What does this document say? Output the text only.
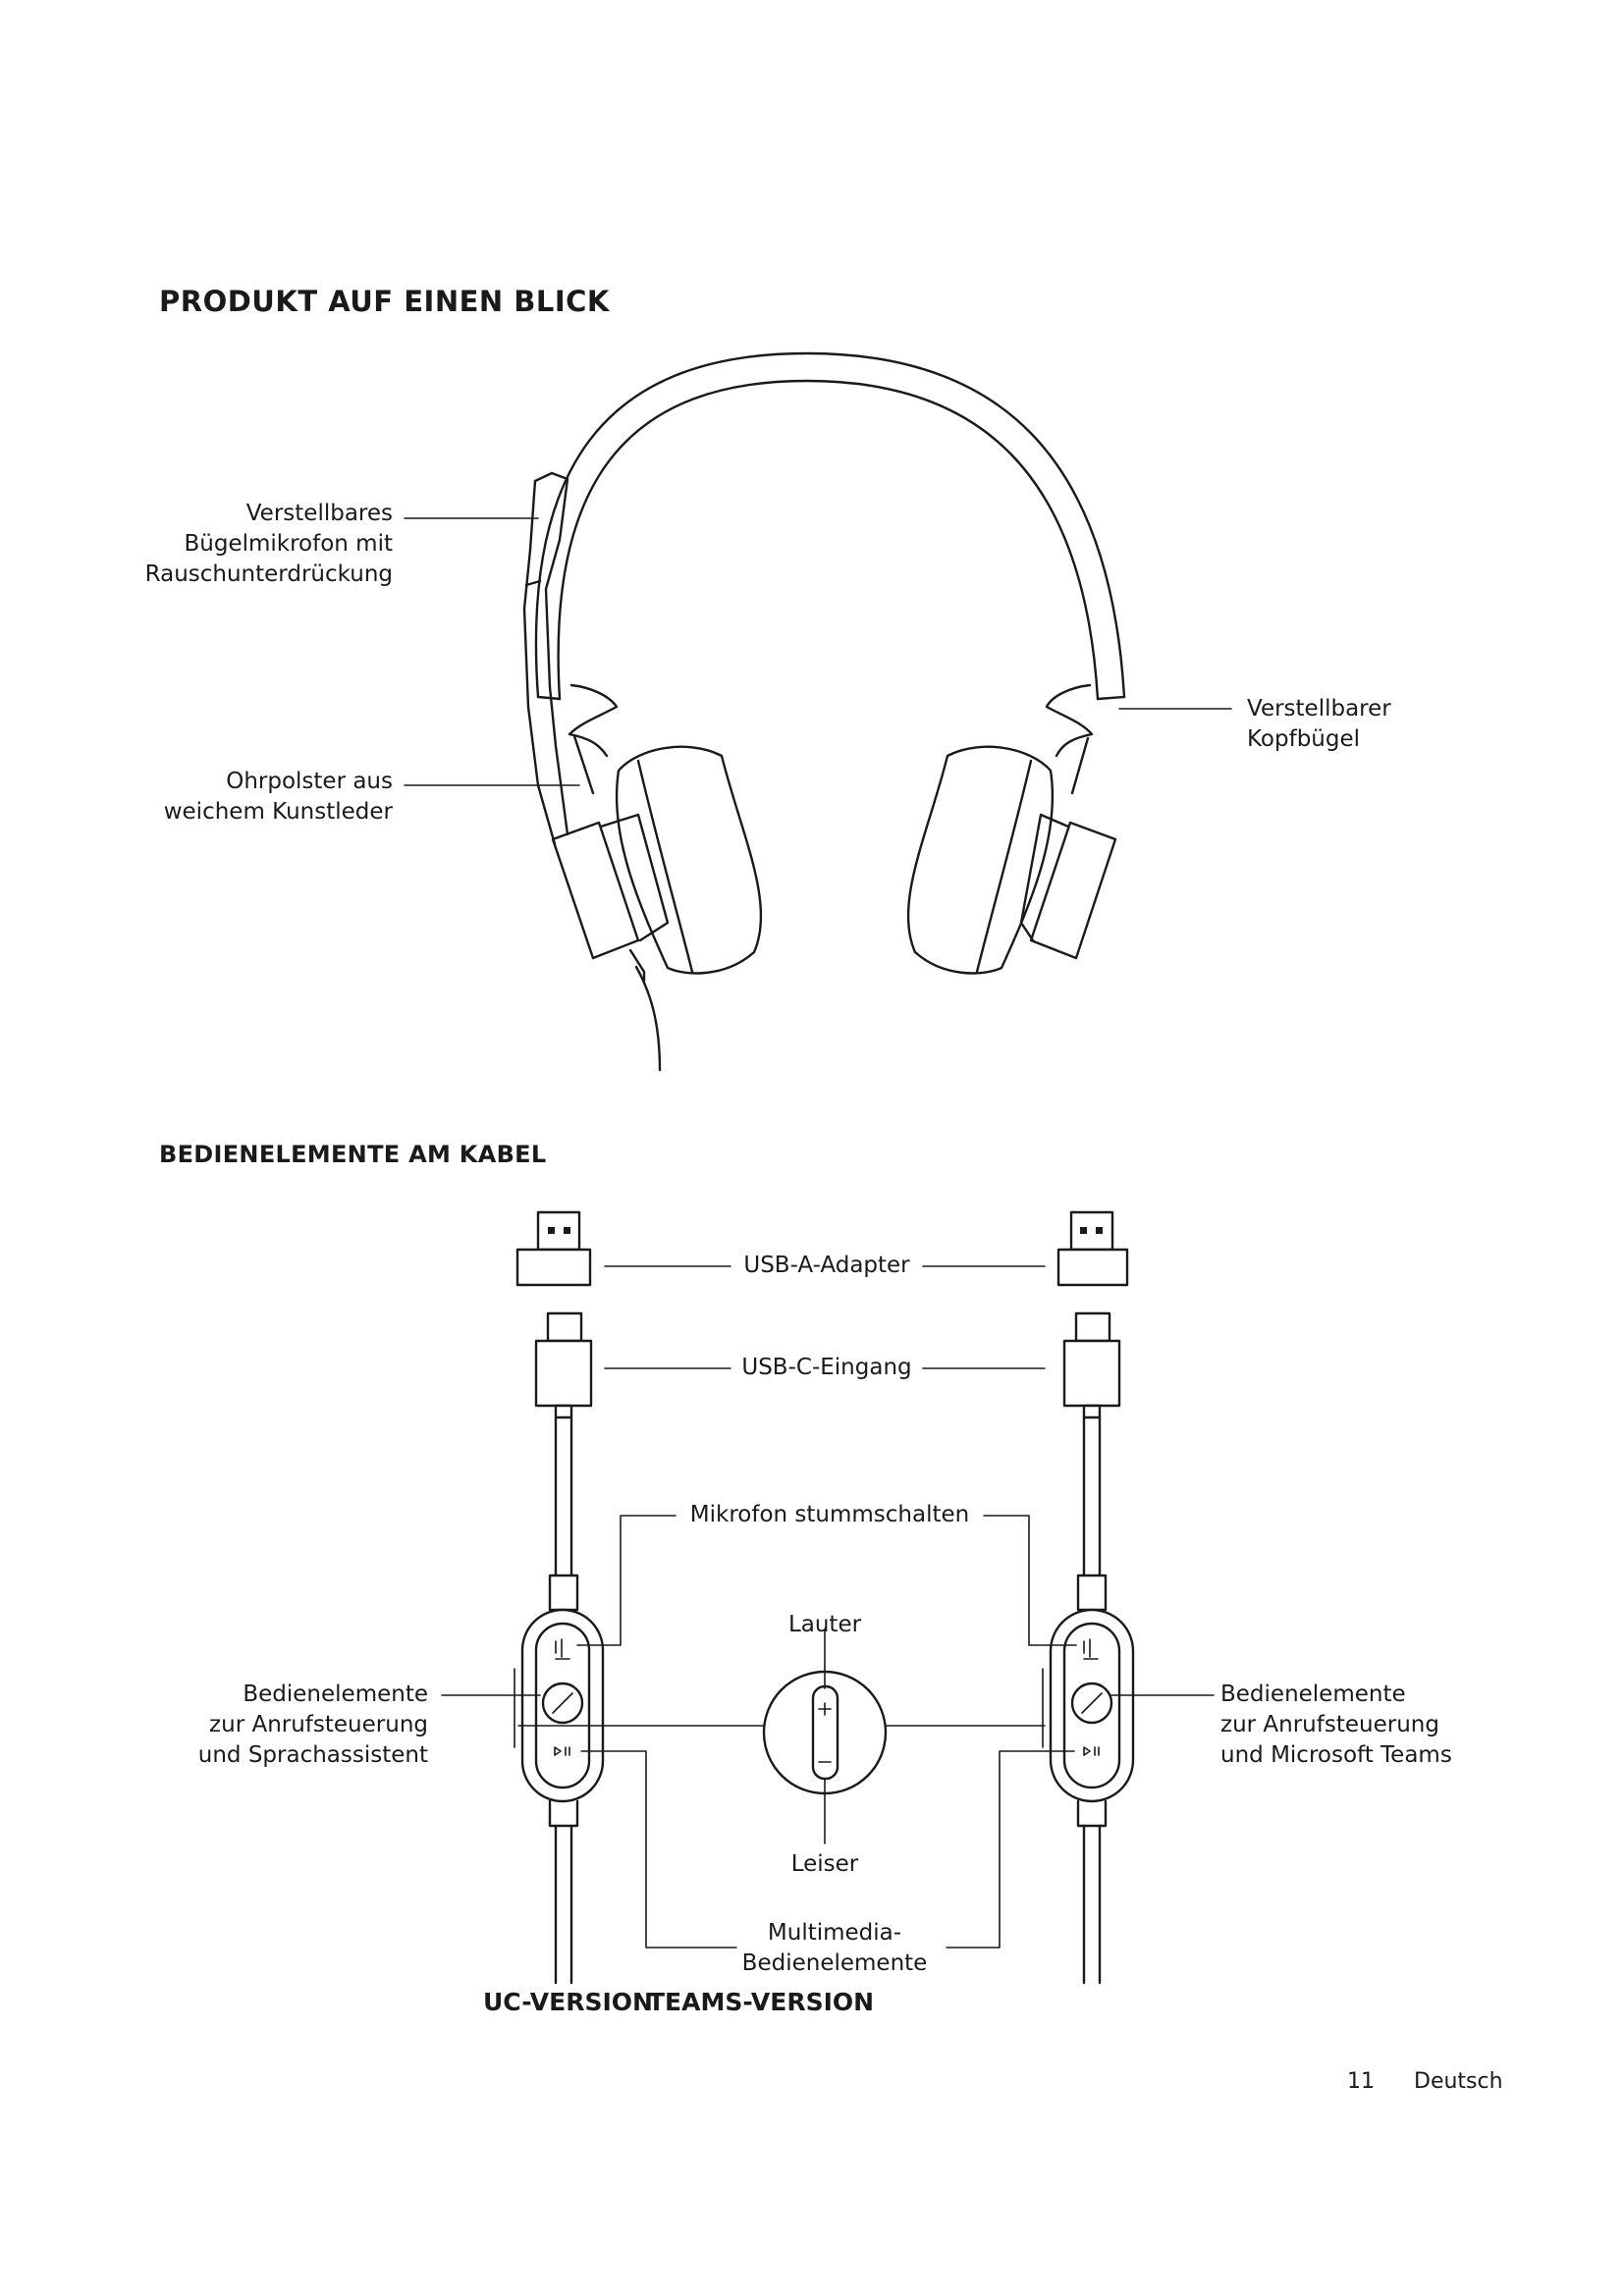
PRODUKT AUF EINEN BLICK
Verstellbares
Bügelmikrofon mit
Rauschunterdrückung
Ohrpolster aus
weichem Kunstleder
Verstellbarer
Kopfbügel
BEDIENELEMENTE AM KABEL
USB-A-Adapter
USB-C-Eingang
Mikrofon stummschalten
Lauter
Leiser
Bedienelemente
zur Anrufsteuerung
und Sprachassistent
Bedienelemente
zur Anrufsteuerung
und Microsoft Teams
Multimedia-
Bedienelemente
UC-VERSION
TEAMS-VERSION
11 Deutsch
